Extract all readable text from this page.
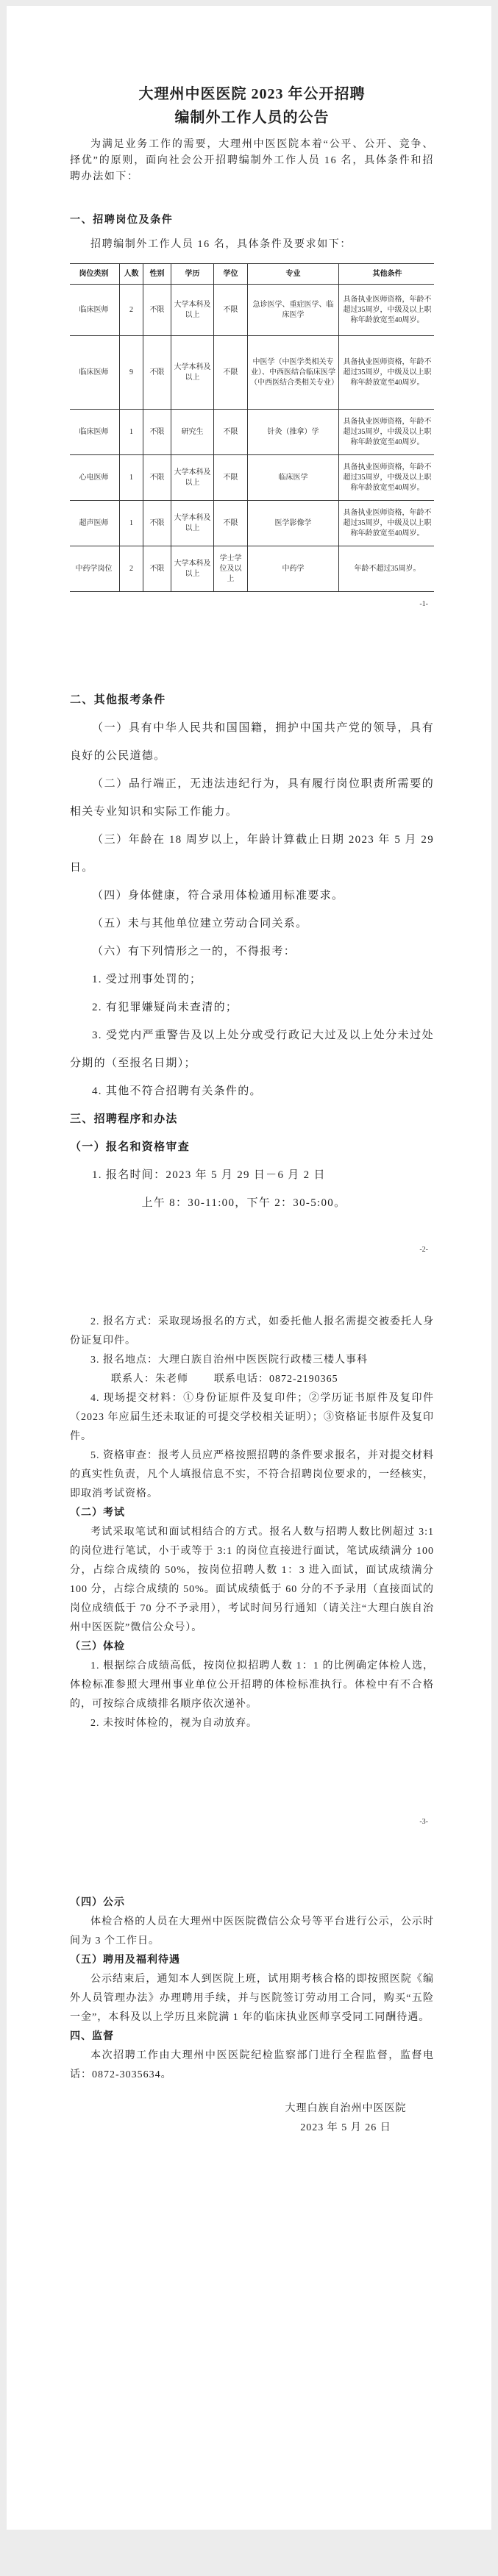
大理州中医医院 2023 年公开招聘

编制外工作人员的公告

为满足业务工作的需要，大理州中医医院本着“公平、公开、竞争、择优”的原则，面向社会公开招聘编制外工作人员 16 名，具体条件和招聘办法如下：

一、招聘岗位及条件

招聘编制外工作人员 16 名，具体条件及要求如下：

岗位类别	人数	性别	学历	学位	专业	其他条件
临床医师	2	不限	大学本科及以上	不限	急诊医学、重症医学、临床医学	具备执业医师资格，年龄不超过35周岁，中级及以上职称年龄放宽至40周岁。
临床医师	9	不限	大学本科及以上	不限	中医学（中医学类相关专业）、中西医结合临床医学（中西医结合类相关专业）	具备执业医师资格，年龄不超过35周岁，中级及以上职称年龄放宽至40周岁。
临床医师	1	不限	研究生	不限	针灸（推拿）学	具备执业医师资格，年龄不超过35周岁，中级及以上职称年龄放宽至40周岁。
心电医师	1	不限	大学本科及以上	不限	临床医学	具备执业医师资格，年龄不超过35周岁，中级及以上职称年龄放宽至40周岁。
超声医师	1	不限	大学本科及以上	不限	医学影像学	具备执业医师资格，年龄不超过35周岁，中级及以上职称年龄放宽至40周岁。
中药学岗位	2	不限	大学本科及以上	学士学位及以上	中药学	年龄不超过35周岁。
-1-

二、其他报考条件

（一）具有中华人民共和国国籍，拥护中国共产党的领导，具有良好的公民道德。

（二）品行端正，无违法违纪行为，具有履行岗位职责所需要的相关专业知识和实际工作能力。

（三）年龄在 18 周岁以上，年龄计算截止日期 2023 年 5 月 29 日。

（四）身体健康，符合录用体检通用标准要求。

（五）未与其他单位建立劳动合同关系。

（六）有下列情形之一的，不得报考：

1. 受过刑事处罚的；

2. 有犯罪嫌疑尚未查清的；

3. 受党内严重警告及以上处分或受行政记大过及以上处分未过处分期的（至报名日期）；

4. 其他不符合招聘有关条件的。

三、招聘程序和办法

（一）报名和资格审查

1. 报名时间：2023 年 5 月 29 日－6 月 2 日

上午 8：30-11:00，下午 2：30-5:00。

-2-

2. 报名方式：采取现场报名的方式，如委托他人报名需提交被委托人身份证复印件。

3. 报名地点：大理白族自治州中医医院行政楼三楼人事科

联系人：朱老师	联系电话：0872-2190365

4. 现场提交材料：①身份证原件及复印件；②学历证书原件及复印件（2023 年应届生还未取证的可提交学校相关证明）；③资格证书原件及复印件。

5. 资格审查：报考人员应严格按照招聘的条件要求报名，并对提交材料的真实性负责，凡个人填报信息不实，不符合招聘岗位要求的，一经核实，即取消考试资格。

（二）考试

考试采取笔试和面试相结合的方式。报名人数与招聘人数比例超过 3:1 的岗位进行笔试，小于或等于 3:1 的岗位直接进行面试，笔试成绩满分 100 分，占综合成绩的 50%，按岗位招聘人数 1：3 进入面试，面试成绩满分 100 分，占综合成绩的 50%。面试成绩低于 60 分的不予录用（直接面试的岗位成绩低于 70 分不予录用），考试时间另行通知（请关注“大理白族自治州中医医院”微信公众号）。

（三）体检

1. 根据综合成绩高低，按岗位拟招聘人数 1：1 的比例确定体检人选，体检标准参照大理州事业单位公开招聘的体检标准执行。体检中有不合格的，可按综合成绩排名顺序依次递补。

2. 未按时体检的，视为自动放弃。

-3-

（四）公示

体检合格的人员在大理州中医医院微信公众号等平台进行公示，公示时间为 3 个工作日。

（五）聘用及福利待遇

公示结束后，通知本人到医院上班，试用期考核合格的即按照医院《编外人员管理办法》办理聘用手续，并与医院签订劳动用工合同，购买“五险一金”，本科及以上学历且来院满 1 年的临床执业医师享受同工同酬待遇。

四、监督

本次招聘工作由大理州中医医院纪检监察部门进行全程监督，监督电话：0872-3035634。

大理白族自治州中医医院
2023 年 5 月 26 日
